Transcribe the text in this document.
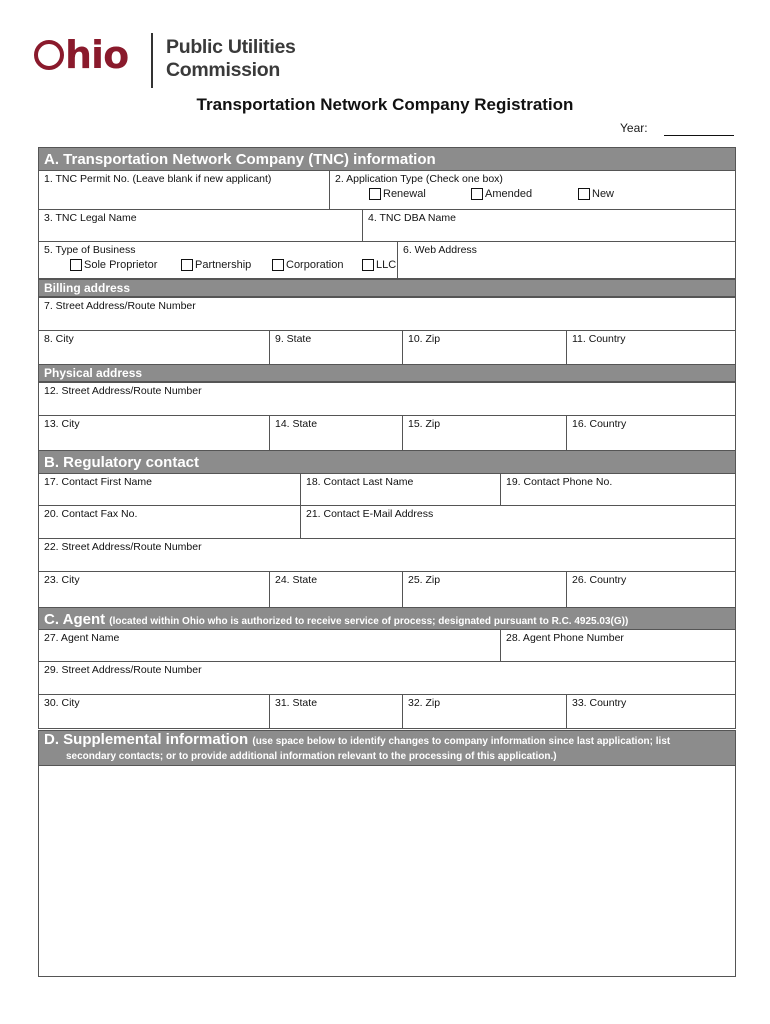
hio Public Utilities
Commission
Transportation Network Company Registration
Year:
A. Transportation Network Company (TNC) information
1. TNC Permit No. (Leave blank if new applicant)	2. Application Type (Check one box)
Renewal	Amended	New
3. TNC Legal Name	4. TNC DBA Name
5. Type of Business
Sole Proprietor	Partnership	Corporation	LLC
6. Web Address
Billing address
7. Street Address/Route Number
8. City	9. State	10. Zip	11. Country
Physical address
12. Street Address/Route Number
13. City	14. State	15. Zip	16. Country
B. Regulatory contact
17. Contact First Name	18. Contact Last Name	19. Contact Phone No.
20. Contact Fax No.	21. Contact E-Mail Address
22. Street Address/Route Number
23. City	24. State	25. Zip	26. Country
C. Agent (located within Ohio who is authorized to receive service of process; designated pursuant to R.C. 4925.03(G))
27. Agent Name	28. Agent Phone Number
29. Street Address/Route Number
30. City	31. State	32. Zip	33. Country
D. Supplemental information (use space below to identify changes to company information since last application; list
secondary contacts; or to provide additional information relevant to the processing of this application.)
